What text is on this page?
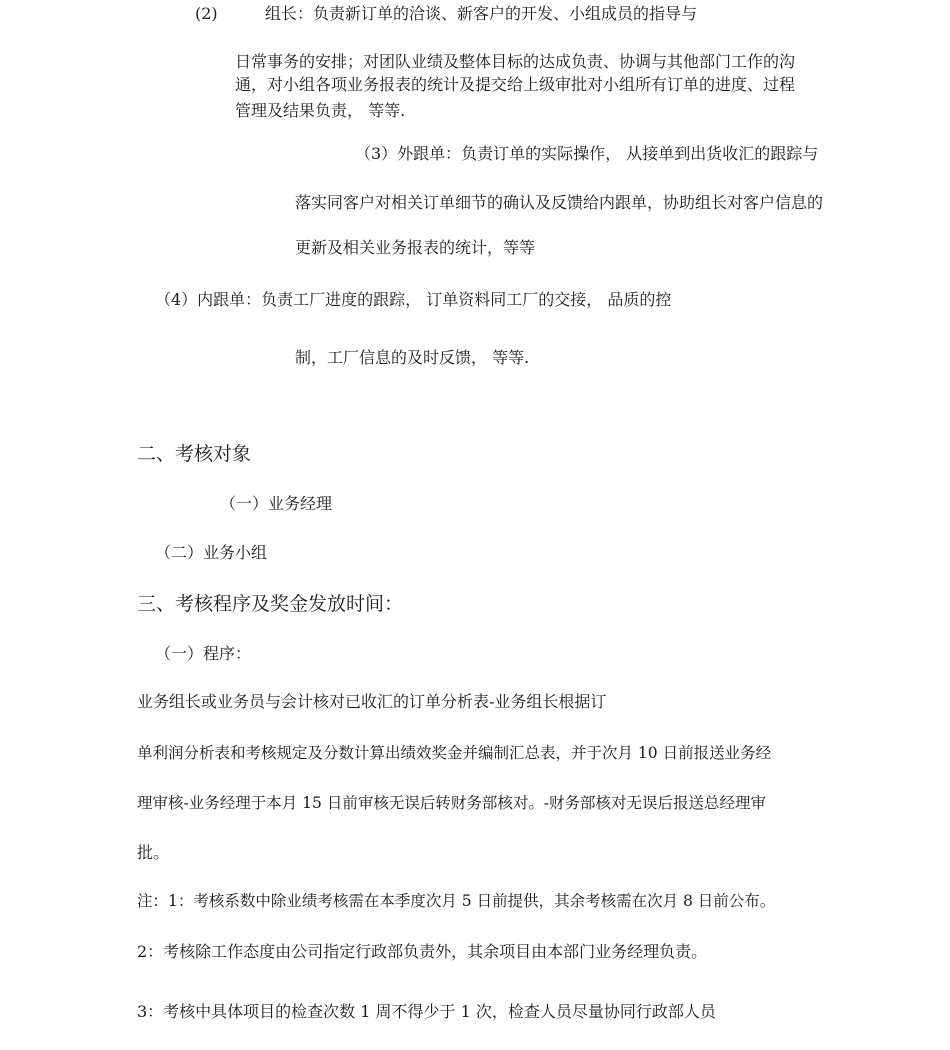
(2)	组长：负责新订单的洽谈、新客户的开发、小组成员的指导与
日常事务的安排；对团队业绩及整体目标的达成负责、协调与其他部门工作的沟
通，对小组各项业务报表的统计及提交给上级审批对小组所有订单的进度、过程
管理及结果负责， 等等.
（3）外跟单：负责订单的实际操作， 从接单到出货收汇的跟踪与
落实同客户对相关订单细节的确认及反馈给内跟单，协助组长对客户信息的
更新及相关业务报表的统计，等等
（4）内跟单：负责工厂进度的跟踪， 订单资料同工厂的交接， 品质的控
制，工厂信息的及时反馈， 等等.
二、考核对象
（一）业务经理
（二）业务小组
三、考核程序及奖金发放时间：
（一）程序：
业务组长或业务员与会计核对已收汇的订单分析表-业务组长根据订
单利润分析表和考核规定及分数计算出绩效奖金并编制汇总表，并于次月 10 日前报送业务经
理审核-业务经理于本月 15 日前审核无误后转财务部核对。-财务部核对无误后报送总经理审
批。
注：1：考核系数中除业绩考核需在本季度次月 5 日前提供，其余考核需在次月 8 日前公布。
2：考核除工作态度由公司指定行政部负责外，其余项目由本部门业务经理负责。
3：考核中具体项目的检查次数 1 周不得少于 1 次，检查人员尽量协同行政部人员
